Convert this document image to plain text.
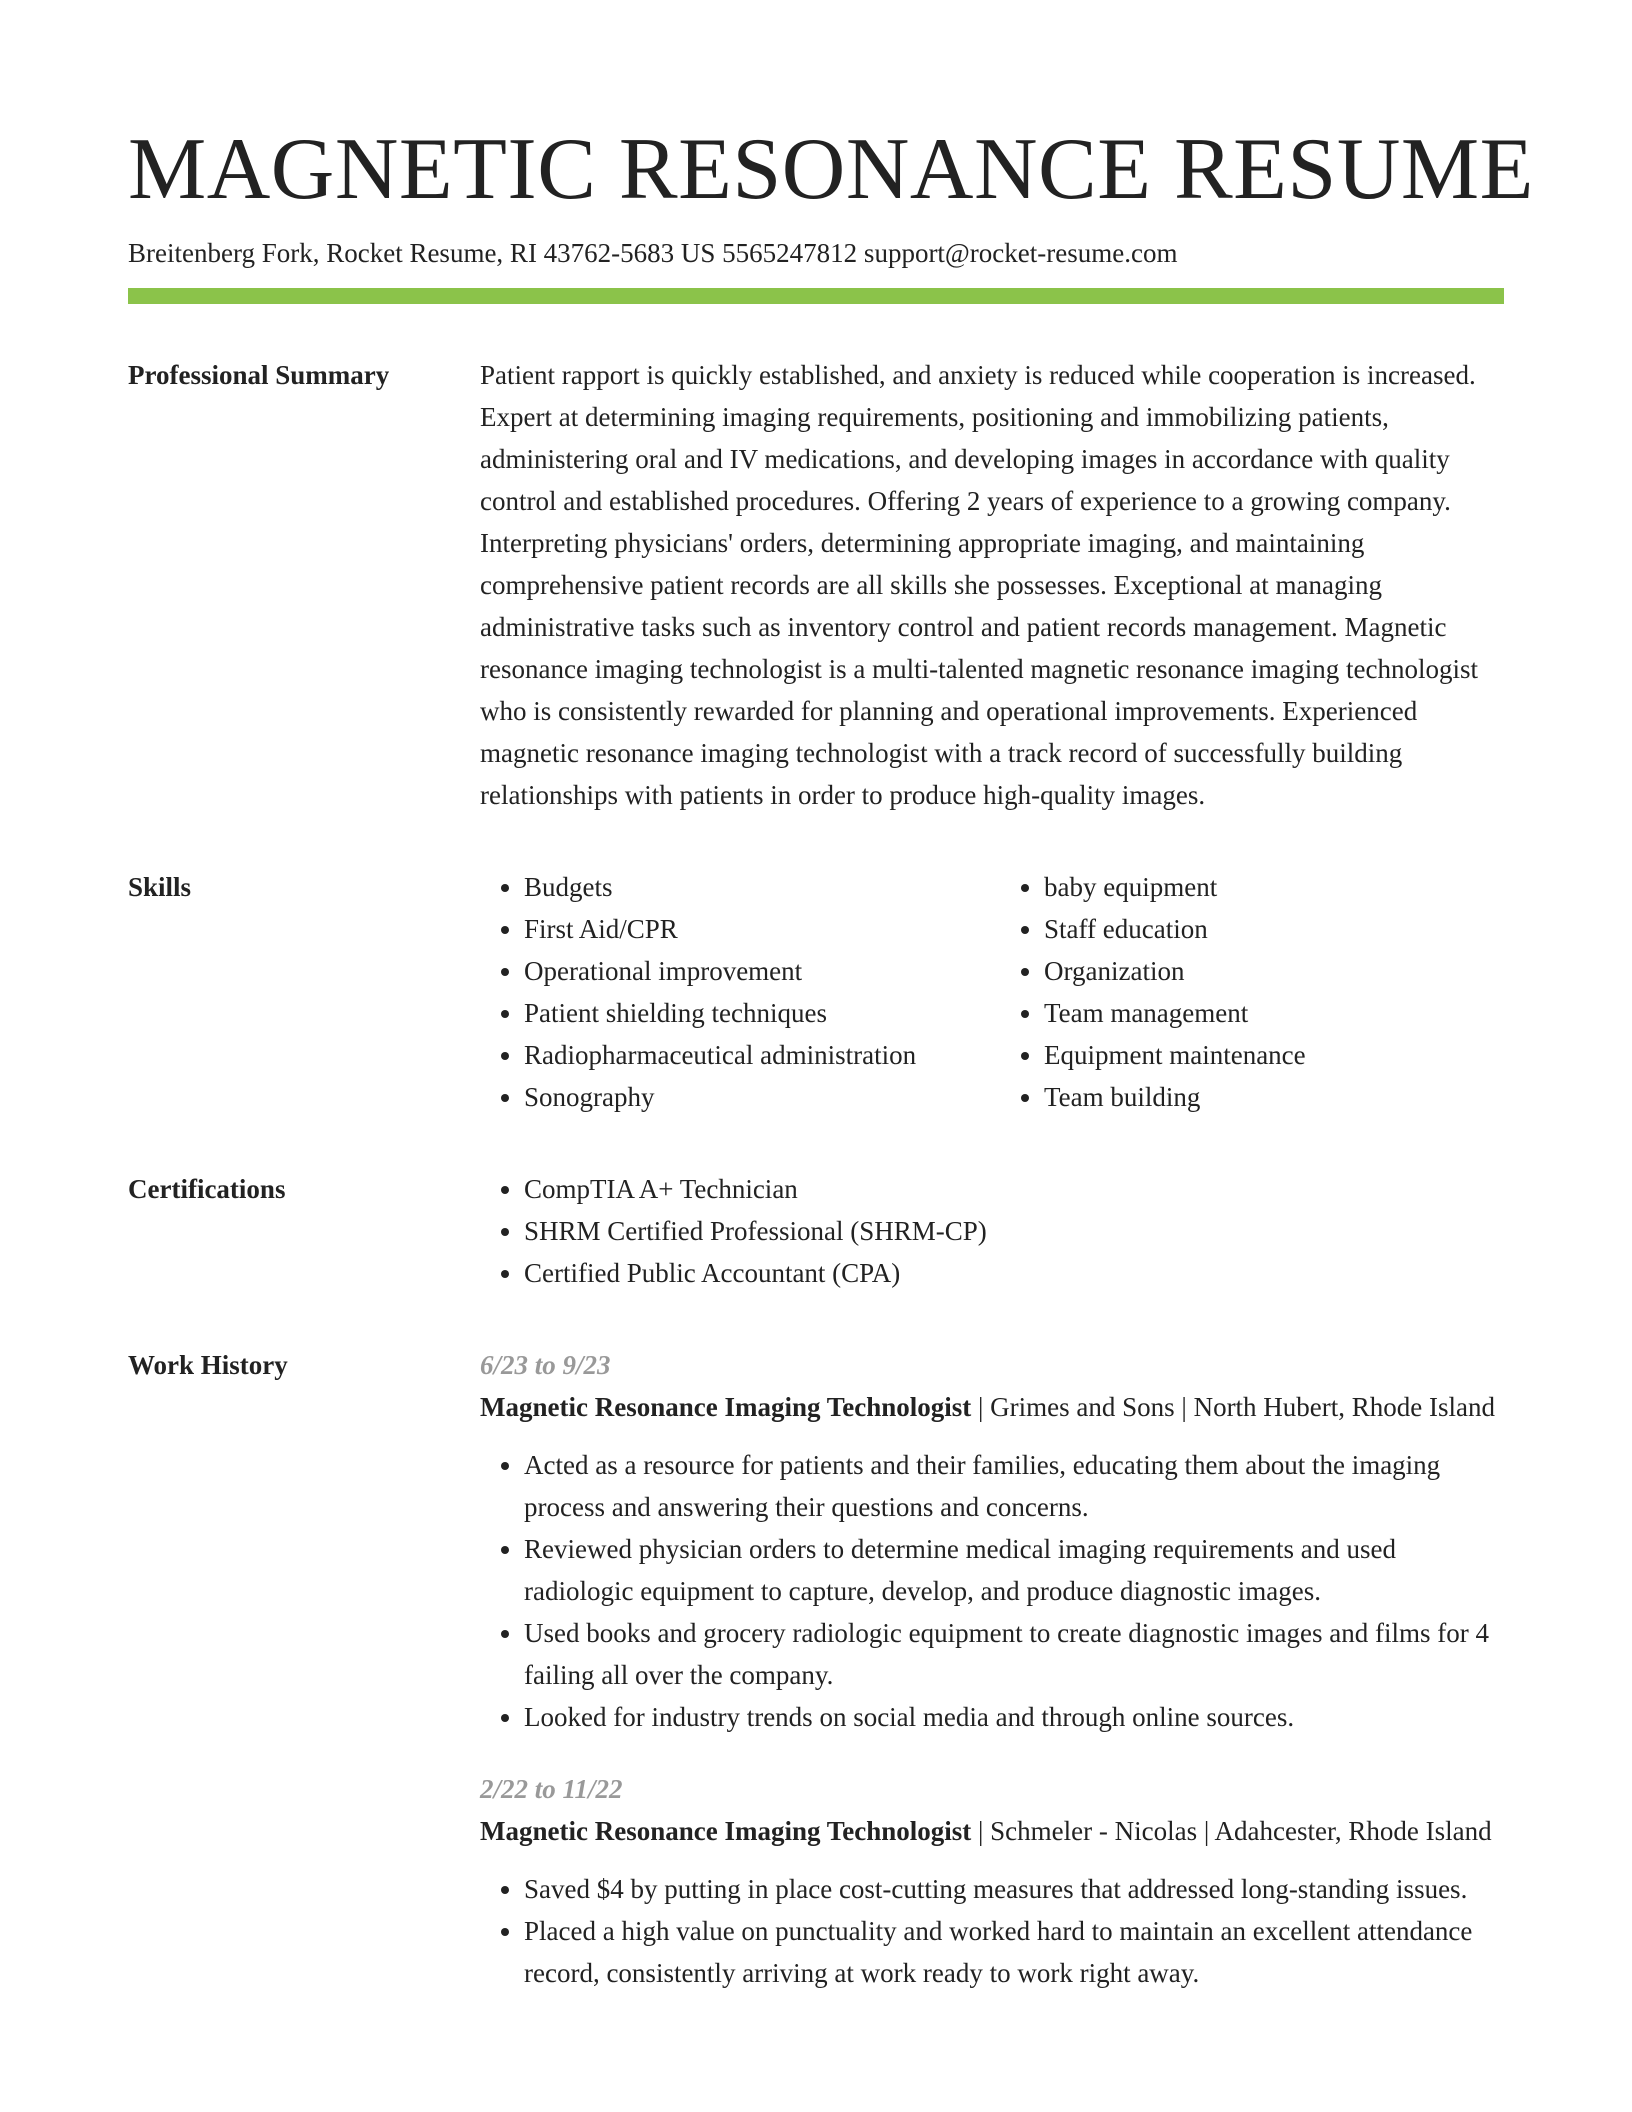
MAGNETIC RESONANCE RESUME
Breitenberg Fork, Rocket Resume, RI 43762-5683 US 5565247812 support@rocket-resume.com
Professional Summary	Patient rapport is quickly established, and anxiety is reduced while cooperation is increased. Expert at determining imaging requirements, positioning and immobilizing patients, administering oral and IV medications, and developing images in accordance with quality control and established procedures. Offering 2 years of experience to a growing company. Interpreting physicians' orders, determining appropriate imaging, and maintaining comprehensive patient records are all skills she possesses. Exceptional at managing administrative tasks such as inventory control and patient records management. Magnetic resonance imaging technologist is a multi-talented magnetic resonance imaging technologist who is consistently rewarded for planning and operational improvements. Experienced magnetic resonance imaging technologist with a track record of successfully building relationships with patients in order to produce high-quality images.

Skills	• Budgets
• First Aid/CPR
• Operational improvement
• Patient shielding techniques
• Radiopharmaceutical administration
• Sonography
• baby equipment
• Staff education
• Organization
• Team management
• Equipment maintenance
• Team building
Certifications	• CompTIA A+ Technician
• SHRM Certified Professional (SHRM-CP)
• Certified Public Accountant (CPA)
Work History	6/23 to 9/23
Magnetic Resonance Imaging Technologist | Grimes and Sons | North Hubert, Rhode Island
• Acted as a resource for patients and their families, educating them about the imaging process and answering their questions and concerns.
• Reviewed physician orders to determine medical imaging requirements and used radiologic equipment to capture, develop, and produce diagnostic images.
• Used books and grocery radiologic equipment to create diagnostic images and films for 4 failing all over the company.
• Looked for industry trends on social media and through online sources.
2/22 to 11/22
Magnetic Resonance Imaging Technologist | Schmeler - Nicolas | Adahcester, Rhode Island
• Saved $4 by putting in place cost-cutting measures that addressed long-standing issues.
• Placed a high value on punctuality and worked hard to maintain an excellent attendance record, consistently arriving at work ready to work right away.
